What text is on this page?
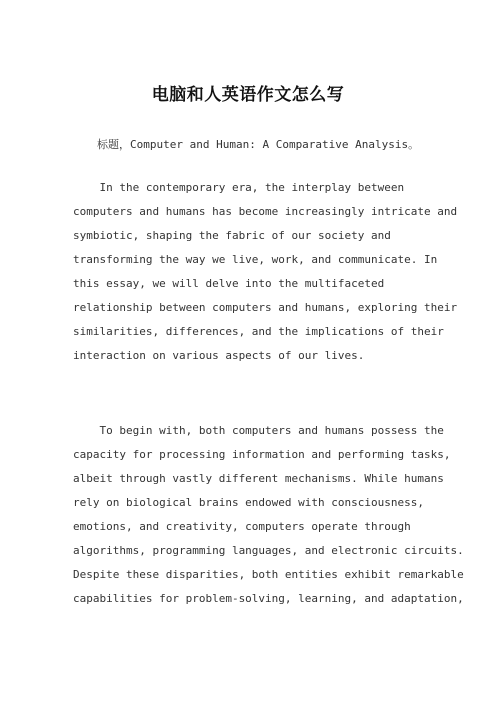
电脑和人英语作文怎么写
标题，Computer and Human: A Comparative Analysis。
In the contemporary era, the interplay between
computers and humans has become increasingly intricate and
symbiotic, shaping the fabric of our society and
transforming the way we live, work, and communicate. In
this essay, we will delve into the multifaceted
relationship between computers and humans, exploring their
similarities, differences, and the implications of their
interaction on various aspects of our lives.
To begin with, both computers and humans possess the
capacity for processing information and performing tasks,
albeit through vastly different mechanisms. While humans
rely on biological brains endowed with consciousness,
emotions, and creativity, computers operate through
algorithms, programming languages, and electronic circuits.
Despite these disparities, both entities exhibit remarkable
capabilities for problem-solving, learning, and adaptation,
